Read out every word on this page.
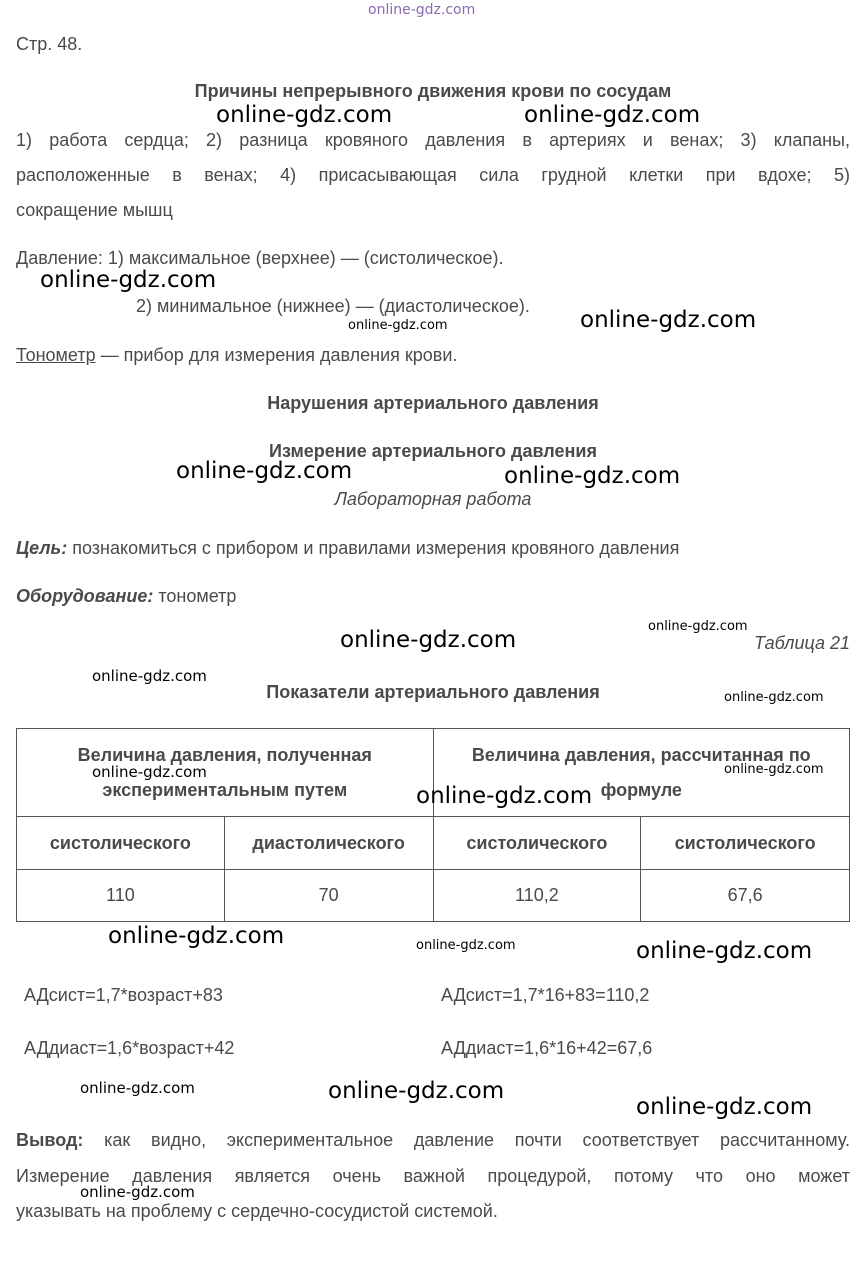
online-gdz.com
Стр. 48.
Причины непрерывного движения крови по сосудам
1) работа сердца; 2) разница кровяного давления в артериях и венах; 3) клапаны,
расположенные в венах; 4) присасывающая сила грудной клетки при вдохе; 5)
сокращение мышц
Давление: 1) максимальное (верхнее) — (систолическое).
2) минимальное (нижнее) — (диастолическое).
Тонометр — прибор для измерения давления крови.
Нарушения артериального давления
Измерение артериального давления
Лабораторная работа
Цель: познакомиться с прибором и правилами измерения кровяного давления
Оборудование: тонометр
Таблица 21
Показатели артериального давления
Величина давления, полученная экспериментальным путем		Величина давления, рассчитанная по формуле	
систолического	диастолического	систолического	систолического
110	70	110,2	67,6
АДсист=1,7*возраст+83	АДсист=1,7*16+83=110,2
АДдиаст=1,6*возраст+42	АДдиаст=1,6*16+42=67,6
Вывод: как видно, экспериментальное давление почти соответствует рассчитанному.
Измерение давления является очень важной процедурой, потому что оно может
указывать на проблему с сердечно-сосудистой системой.
online-gdz.com	online-gdz.com
online-gdz.com
online-gdz.com	online-gdz.com
online-gdz.com	online-gdz.com
online-gdz.com
online-gdz.com
online-gdz.com
online-gdz.com
online-gdz.com	online-gdz.com
online-gdz.com
online-gdz.com	online-gdz.com	online-gdz.com
online-gdz.com	online-gdz.com
online-gdz.com
online-gdz.com
